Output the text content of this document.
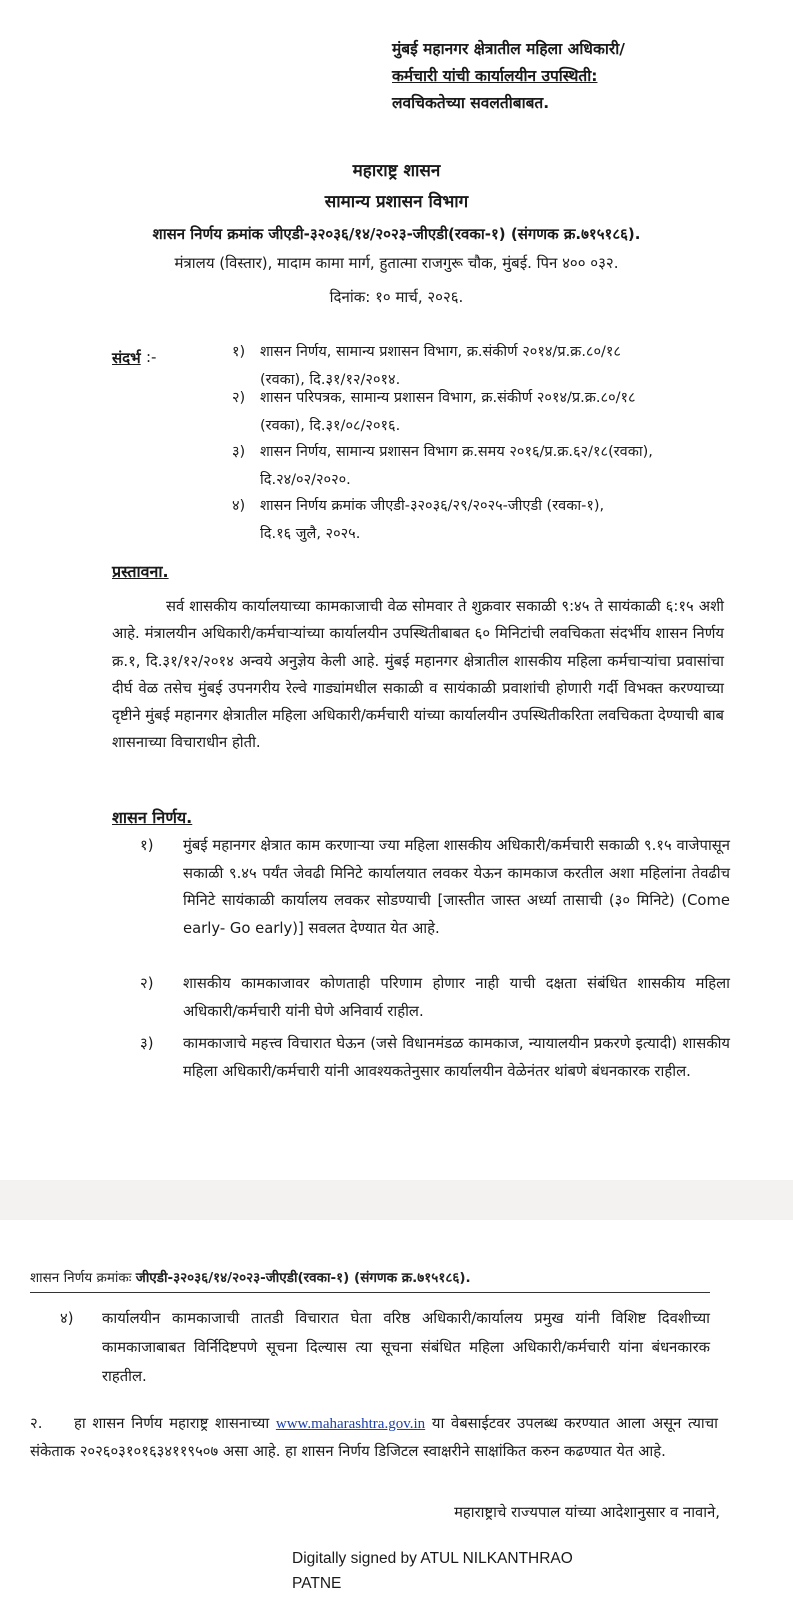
मुंबई महानगर क्षेत्रातील महिला अधिकारी/
कर्मचारी यांची कार्यालयीन उपस्थिती:
लवचिकतेच्या सवलतीबाबत.
महाराष्ट्र शासन
सामान्य प्रशासन विभाग
शासन निर्णय क्रमांक जीएडी-३२०३६/१४/२०२३-जीएडी(रवका-१) (संगणक क्र.७१५१८६).
मंत्रालय (विस्तार), मादाम कामा मार्ग, हुतात्मा राजगुरू चौक, मुंबई. पिन ४०० ०३२.
दिनांक: १० मार्च, २०२६.
संदर्भ :-	१)	शासन निर्णय, सामान्य प्रशासन विभाग, क्र.संकीर्ण २०१४/प्र.क्र.८०/१८
(रवका), दि.३१/१२/२०१४.
२)	शासन परिपत्रक, सामान्य प्रशासन विभाग, क्र.संकीर्ण २०१४/प्र.क्र.८०/१८
(रवका), दि.३१/०८/२०१६.
३)	शासन निर्णय, सामान्य प्रशासन विभाग क्र.समय २०१६/प्र.क्र.६२/१८(रवका),
दि.२४/०२/२०२०.
४)	शासन निर्णय क्रमांक जीएडी-३२०३६/२९/२०२५-जीएडी (रवका-१),
दि.१६ जुलै, २०२५.
प्रस्तावना.
सर्व शासकीय कार्यालयाच्या कामकाजाची वेळ सोमवार ते शुक्रवार सकाळी ९:४५ ते सायंकाळी ६:१५ अशी आहे. मंत्रालयीन अधिकारी/कर्मचाऱ्यांच्या कार्यालयीन उपस्थितीबाबत ६० मिनिटांची लवचिकता संदर्भीय शासन निर्णय क्र.१, दि.३१/१२/२०१४ अन्वये अनुज्ञेय केली आहे. मुंबई महानगर क्षेत्रातील शासकीय महिला कर्मचाऱ्यांचा प्रवासांचा दीर्घ वेळ तसेच मुंबई उपनगरीय रेल्वे गाड्यांमधील सकाळी व सायंकाळी प्रवाशांची होणारी गर्दी विभक्त करण्याच्या दृष्टीने मुंबई महानगर क्षेत्रातील महिला अधिकारी/कर्मचारी यांच्या कार्यालयीन उपस्थितीकरिता लवचिकता देण्याची बाब शासनाच्या विचाराधीन होती.
शासन निर्णय.
१) मुंबई महानगर क्षेत्रात काम करणाऱ्या ज्या महिला शासकीय अधिकारी/कर्मचारी सकाळी ९.१५ वाजेपासून सकाळी ९.४५ पर्यंत जेवढी मिनिटे कार्यालयात लवकर येऊन कामकाज करतील अशा महिलांना तेवढीच मिनिटे सायंकाळी कार्यालय लवकर सोडण्याची [जास्तीत जास्त अर्ध्या तासाची (३० मिनिटे) (Come early- Go early)] सवलत देण्यात येत आहे.
२) शासकीय कामकाजावर कोणताही परिणाम होणार नाही याची दक्षता संबंधित शासकीय महिला अधिकारी/कर्मचारी यांनी घेणे अनिवार्य राहील.
३) कामकाजाचे महत्त्व विचारात घेऊन (जसे विधानमंडळ कामकाज, न्यायालयीन प्रकरणे इत्यादी) शासकीय महिला अधिकारी/कर्मचारी यांनी आवश्यकतेनुसार कार्यालयीन वेळेनंतर थांबणे बंधनकारक राहील.
शासन निर्णय क्रमांकः जीएडी-३२०३६/१४/२०२३-जीएडी(रवका-१) (संगणक क्र.७१५१८६).
४) कार्यालयीन कामकाजाची तातडी विचारात घेता वरिष्ठ अधिकारी/कार्यालय प्रमुख यांनी विशिष्ट दिवशीच्या कामकाजाबाबत विर्निदिष्टपणे सूचना दिल्यास त्या सूचना संबंधित महिला अधिकारी/कर्मचारी यांना बंधनकारक राहतील.
२.	हा शासन निर्णय महाराष्ट्र शासनाच्या www.maharashtra.gov.in या वेबसाईटवर उपलब्ध करण्यात आला असून त्याचा संकेताक २०२६०३१०१६३४११९५०७ असा आहे. हा शासन निर्णय डिजिटल स्वाक्षरीने साक्षांकित करुन कढण्यात येत आहे.
महाराष्ट्राचे राज्यपाल यांच्या आदेशानुसार व नावाने,
Digitally signed by ATUL NILKANTHRAO
PATNE
